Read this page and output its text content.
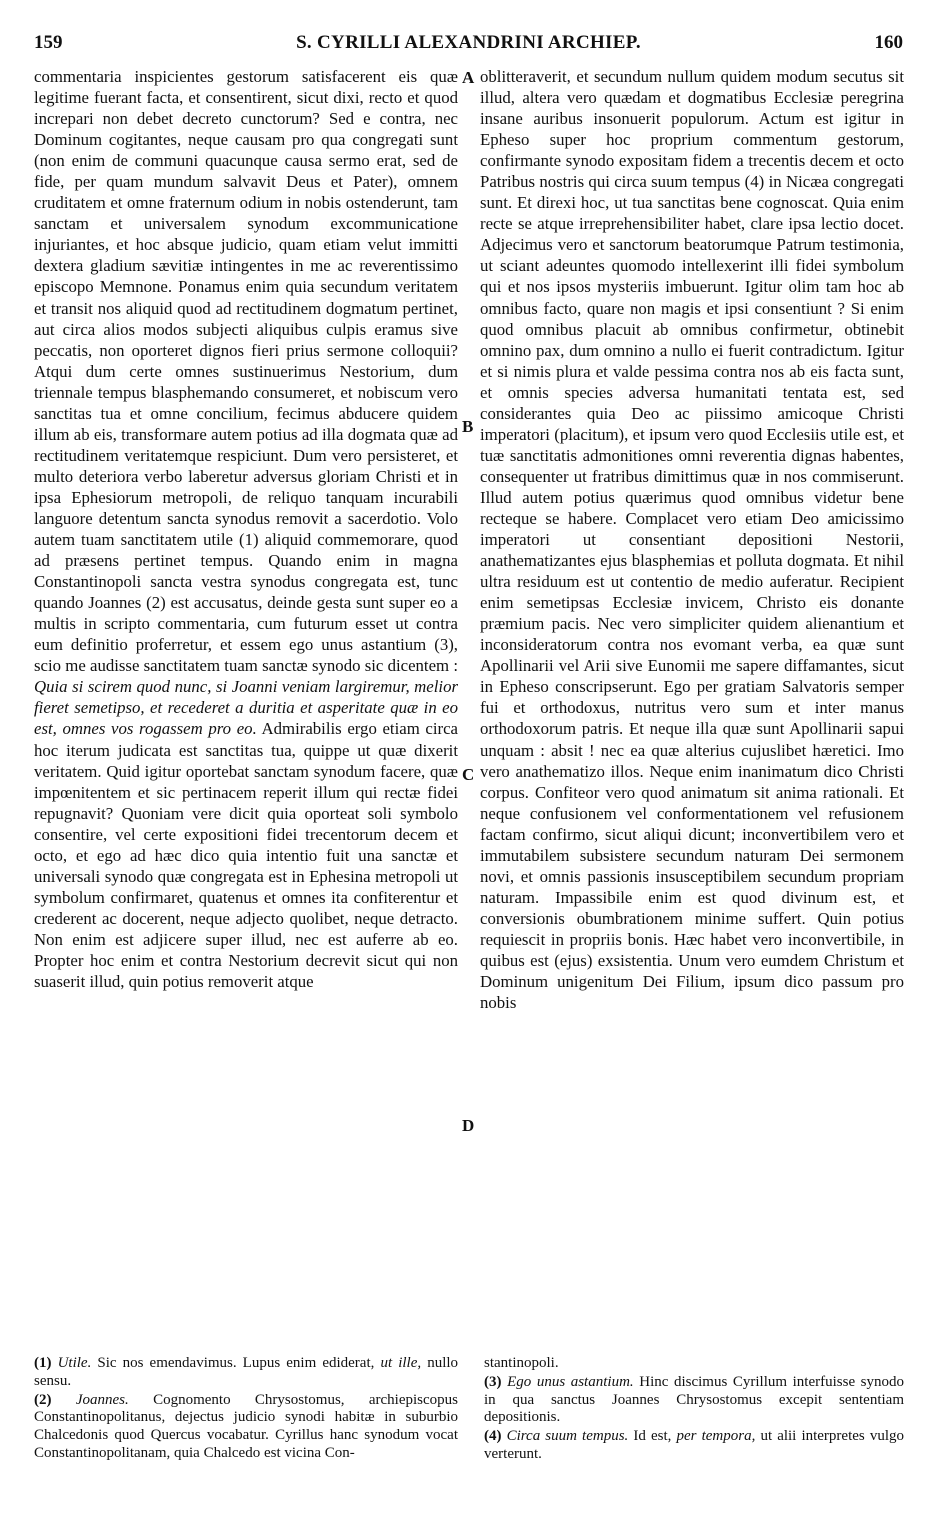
159	S. CYRILLI ALEXANDRINI ARCHIEP.	160
A
B
C
D

commentaria inspicientes gestorum satisfacerent eis quæ legitime fuerant facta, et consentirent, sicut dixi, recto et quod increpari non debet decreto cunctorum? Sed e contra, nec Dominum cogitantes, neque causam pro qua congregati sunt (non enim de communi quacunque causa sermo erat, sed de fide, per quam mundum salvavit Deus et Pater), omnem cruditatem et omne fraternum odium in nobis ostenderunt, tam sanctam et universalem synodum excommunicatione injuriantes, et hoc absque judicio, quam etiam velut immitti dextera gladium sævitiæ intingentes in me ac reverentissimo episcopo Memnone. Ponamus enim quia secundum veritatem et transit nos aliquid quod ad rectitudinem dogmatum pertinet, aut circa alios modos subjecti aliquibus culpis eramus sive peccatis, non oporteret dignos fieri prius sermone colloquii? Atqui dum certe omnes sustinuerimus Nestorium, dum triennale tempus blasphemando consumeret, et nobiscum vero sanctitas tua et omne concilium, fecimus abducere quidem illum ab eis, transformare autem potius ad illa dogmata quæ ad rectitudinem veritatemque respiciunt. Dum vero persisteret, et multo deteriora verbo laberetur adversus gloriam Christi et in ipsa Ephesiorum metropoli, de reliquo tanquam incurabili languore detentum sancta synodus removit a sacerdotio. Volo autem tuam sanctitatem utile (1) aliquid commemorare, quod ad præsens pertinet tempus. Quando enim in magna Constantinopoli sancta vestra synodus congregata est, tunc quando Joannes (2) est accusatus, deinde gesta sunt super eo a multis in scripto commentaria, cum futurum esset ut contra eum definitio proferretur, et essem ego unus astantium (3), scio me audisse sanctitatem tuam sanctæ synodo sic dicentem : Quia si scirem quod nunc, si Joanni veniam largiremur, melior fieret semetipso, et recederet a duritia et asperitate quæ in eo est, omnes vos rogassem pro eo. Admirabilis ergo etiam circa hoc iterum judicata est sanctitas tua, quippe ut quæ dixerit veritatem. Quid igitur oportebat sanctam synodum facere, quæ impœnitentem et sic pertinacem reperit illum qui rectæ fidei repugnavit? Quoniam vere dicit quia oporteat soli symbolo consentire, vel certe expositioni fidei trecentorum decem et octo, et ego ad hæc dico quia intentio fuit una sanctæ et universali synodo quæ congregata est in Ephesina metropoli ut symbolum confirmaret, quatenus et omnes ita confiterentur et crederent ac docerent, neque adjecto quolibet, neque detracto. Non enim est adjicere super illud, nec est auferre ab eo. Propter hoc enim et contra Nestorium decrevit sicut qui non suaserit illud, quin potius removerit atque

oblitteraverit, et secundum nullum quidem modum secutus sit illud, altera vero quædam et dogmatibus Ecclesiæ peregrina insane auribus insonuerit populorum. Actum est igitur in Epheso super hoc proprium commentum gestorum, confirmante synodo expositam fidem a trecentis decem et octo Patribus nostris qui circa suum tempus (4) in Nicæa congregati sunt. Et direxi hoc, ut tua sanctitas bene cognoscat. Quia enim recte se atque irreprehensibiliter habet, clare ipsa lectio docet. Adjecimus vero et sanctorum beatorumque Patrum testimonia, ut sciant adeuntes quomodo intellexerint illi fidei symbolum qui et nos ipsos mysteriis imbuerunt. Igitur olim tam hoc ab omnibus facto, quare non magis et ipsi consentiunt ? Si enim quod omnibus placuit ab omnibus confirmetur, obtinebit omnino pax, dum omnino a nullo ei fuerit contradictum. Igitur et si nimis plura et valde pessima contra nos ab eis facta sunt, et omnis species adversa humanitati tentata est, sed considerantes quia Deo ac piissimo amicoque Christi imperatori (placitum), et ipsum vero quod Ecclesiis utile est, et tuæ sanctitatis admonitiones omni reverentia dignas habentes, consequenter ut fratribus dimittimus quæ in nos commiserunt. Illud autem potius quærimus quod omnibus videtur bene recteque se habere. Complacet vero etiam Deo amicissimo imperatori ut consentiant depositioni Nestorii, anathematizantes ejus blasphemias et polluta dogmata. Et nihil ultra residuum est ut contentio de medio auferatur. Recipient enim semetipsas Ecclesiæ invicem, Christo eis donante præmium pacis. Nec vero simpliciter quidem alienantium et inconsideratorum contra nos evomant verba, ea quæ sunt Apollinarii vel Arii sive Eunomii me sapere diffamantes, sicut in Epheso conscripserunt. Ego per gratiam Salvatoris semper fui et orthodoxus, nutritus vero sum et inter manus orthodoxorum patris. Et neque illa quæ sunt Apollinarii sapui unquam : absit ! nec ea quæ alterius cujuslibet hæretici. Imo vero anathematizo illos. Neque enim inanimatum dico Christi corpus. Confiteor vero quod animatum sit anima rationali. Et neque confusionem vel conformentationem vel refusionem factam confirmo, sicut aliqui dicunt; inconvertibilem vero et immutabilem subsistere secundum naturam Dei sermonem novi, et omnis passionis insusceptibilem secundum propriam naturam. Impassibile enim est quod divinum est, et conversionis obumbrationem minime suffert. Quin potius requiescit in propriis bonis. Hæc habet vero inconvertibile, in quibus est (ejus) exsistentia. Unum vero eumdem Christum et Dominum unigenitum Dei Filium, ipsum dico passum pro nobis

(1) Utile. Sic nos emendavimus. Lupus enim ediderat, ut ille, nullo sensu.

(2) Joannes. Cognomento Chrysostomus, archiepiscopus Constantinopolitanus, dejectus judicio synodi habitæ in suburbio Chalcedonis quod Quercus vocabatur. Cyrillus hanc synodum vocat Constantinopolitanam, quia Chalcedo est vicina Con-

stantinopoli.

(3) Ego unus astantium. Hinc discimus Cyrillum interfuisse synodo in qua sanctus Joannes Chrysostomus excepit sententiam depositionis.

(4) Circa suum tempus. Id est, per tempora, ut alii interpretes vulgo verterunt.
